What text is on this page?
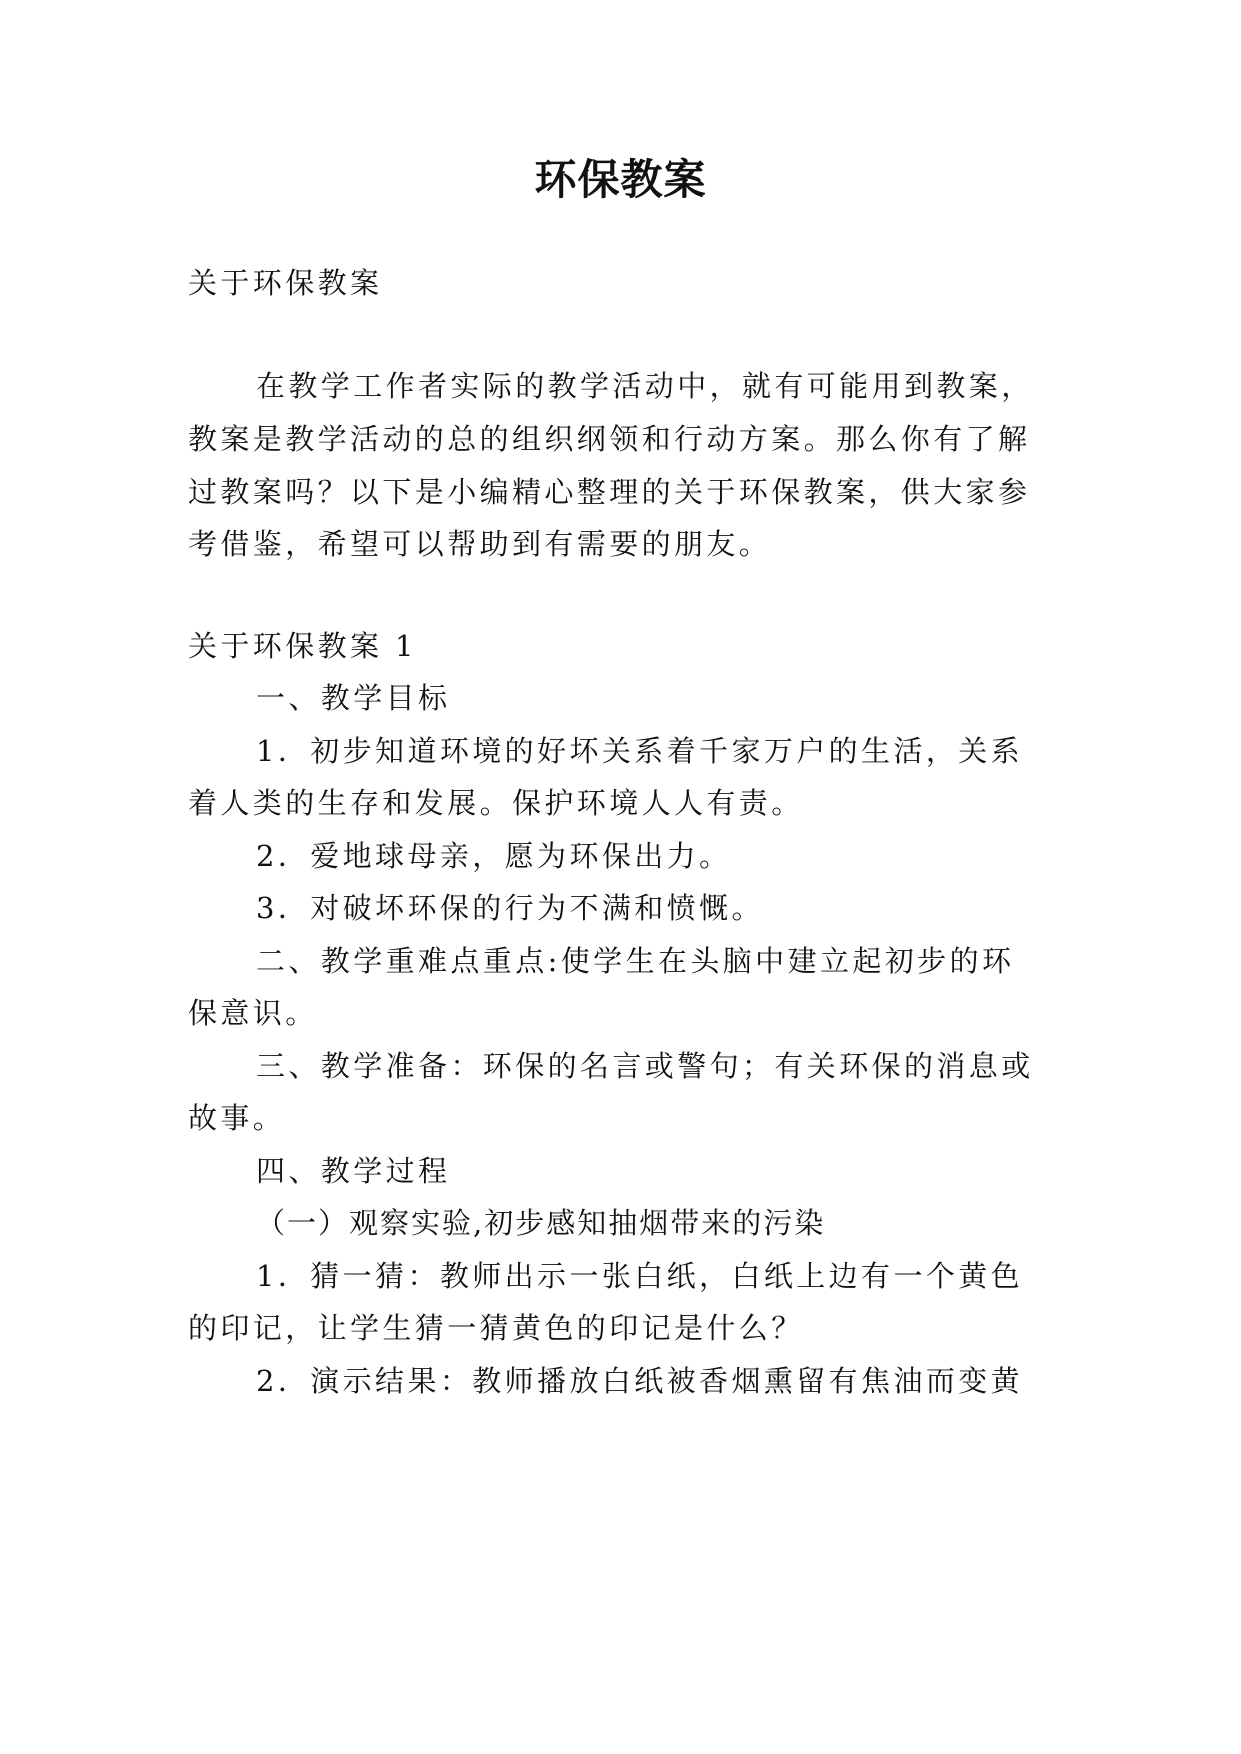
环保教案

关于环保教案

在教学工作者实际的教学活动中，就有可能用到教案，

教案是教学活动的总的组织纲领和行动方案。那么你有了解

过教案吗？以下是小编精心整理的关于环保教案，供大家参

考借鉴，希望可以帮助到有需要的朋友。

关于环保教案 1

一、教学目标

1．初步知道环境的好坏关系着千家万户的生活，关系

着人类的生存和发展。保护环境人人有责。

2．爱地球母亲，愿为环保出力。

3．对破坏环保的行为不满和愤慨。

二、教学重难点重点:使学生在头脑中建立起初步的环

保意识。

三、教学准备：环保的名言或警句；有关环保的消息或

故事。

四、教学过程

（一）观察实验,初步感知抽烟带来的污染

1．猜一猜：教师出示一张白纸，白纸上边有一个黄色

的印记，让学生猜一猜黄色的印记是什么？

2．演示结果：教师播放白纸被香烟熏留有焦油而变黄
